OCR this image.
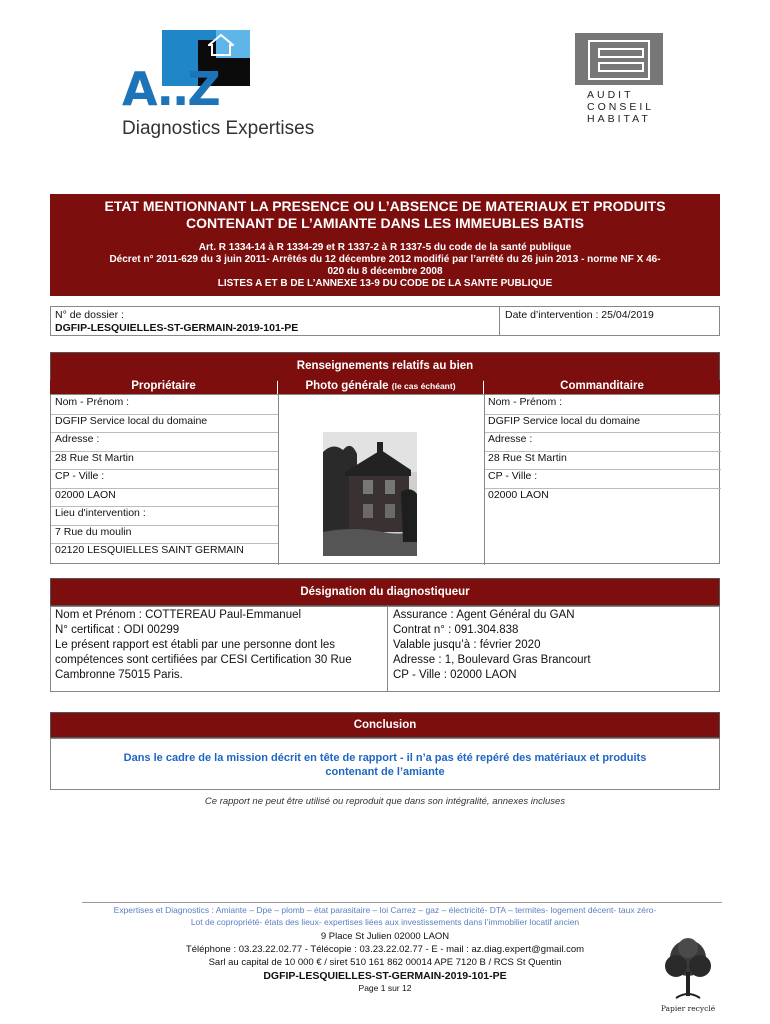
A..Z
Diagnostics Expertises
AUDIT
CONSEIL
HABITAT
ETAT MENTIONNANT LA PRESENCE OU L’ABSENCE DE MATERIAUX ET PRODUITS
CONTENANT DE L’AMIANTE DANS LES IMMEUBLES BATIS
Art. R 1334-14 à R 1334-29 et R 1337-2 à R 1337-5 du code de la santé publique
Décret n° 2011-629 du 3 juin 2011- Arrêtés du 12 décembre 2012 modifié par l’arrêté du 26 juin 2013 - norme NF X 46-
020 du 8 décembre 2008
LISTES A ET B DE L’ANNEXE 13-9 DU CODE DE LA SANTE PUBLIQUE
N° de dossier :
DGFIP-LESQUIELLES-ST-GERMAIN-2019-101-PE
Date d’intervention : 25/04/2019
Renseignements relatifs au bien
Propriétaire	Photo générale (le cas échéant)	Commanditaire
Nom - Prénom :
DGFIP Service local du domaine
Adresse :
28 Rue St Martin
CP - Ville :
02000 LAON
Lieu d'intervention :
7 Rue du moulin
02120 LESQUIELLES SAINT GERMAIN
Nom - Prénom :
DGFIP Service local du domaine
Adresse :
28 Rue St Martin
CP - Ville :
02000 LAON
Désignation du diagnostiqueur
Nom et Prénom : COTTEREAU Paul-Emmanuel
N° certificat : ODI 00299
Le présent rapport est établi par une personne dont les compétences sont certifiées par CESI Certification 30 Rue Cambronne 75015 Paris.
Assurance : Agent Général du GAN
Contrat n° : 091.304.838
Valable jusqu’à : février 2020
Adresse : 1, Boulevard Gras Brancourt
CP - Ville : 02000 LAON
Conclusion
Dans le cadre de la mission décrit en tête de rapport - il n’a pas été repéré des matériaux et produits
contenant de l’amiante
Ce rapport ne peut être utilisé ou reproduit que dans son intégralité, annexes incluses
Expertises et Diagnostics : Amiante – Dpe – plomb – état parasitaire – loi Carrez – gaz – électricité- DTA – termites- logement décent- taux zéro-
Lot de copropriété- états des lieux- expertises liées aux investissements dans l’immobilier locatif ancien
9 Place St Julien 02000 LAON
Téléphone : 03.23.22.02.77 - Télécopie : 03.23.22.02.77 - E - mail : az.diag.expert@gmail.com
Sarl au capital de 10 000 € / siret 510 161 862 00014 APE 7120 B / RCS St Quentin
DGFIP-LESQUIELLES-ST-GERMAIN-2019-101-PE
Page 1 sur 12
Papier recyclé
